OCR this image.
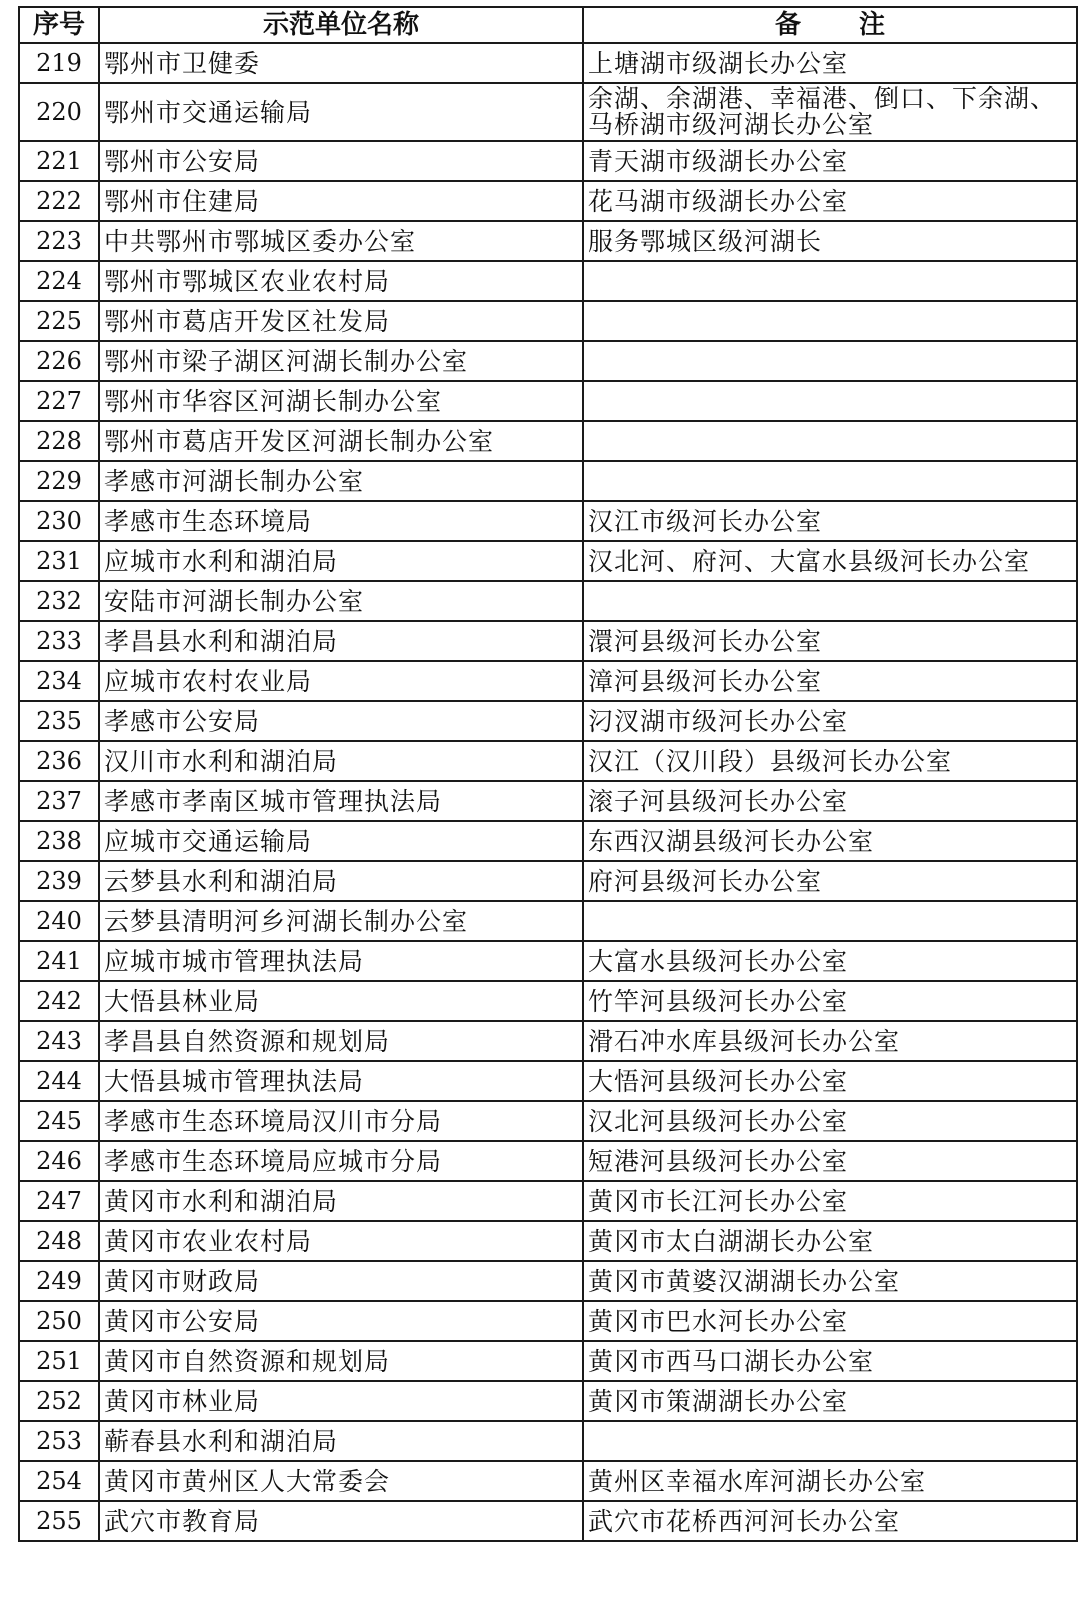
序号	示范单位名称	备 注
219	鄂州市卫健委	上塘湖市级湖长办公室
220	鄂州市交通运输局	余湖、余湖港、幸福港、倒口、下余湖、马桥湖市级河湖长办公室
221	鄂州市公安局	青天湖市级湖长办公室
222	鄂州市住建局	花马湖市级湖长办公室
223	中共鄂州市鄂城区委办公室	服务鄂城区级河湖长
224	鄂州市鄂城区农业农村局	
225	鄂州市葛店开发区社发局	
226	鄂州市梁子湖区河湖长制办公室	
227	鄂州市华容区河湖长制办公室	
228	鄂州市葛店开发区河湖长制办公室	
229	孝感市河湖长制办公室	
230	孝感市生态环境局	汉江市级河长办公室
231	应城市水利和湖泊局	汉北河、府河、大富水县级河长办公室
232	安陆市河湖长制办公室	
233	孝昌县水利和湖泊局	澴河县级河长办公室
234	应城市农村农业局	漳河县级河长办公室
235	孝感市公安局	汈汊湖市级河长办公室
236	汉川市水利和湖泊局	汉江（汉川段）县级河长办公室
237	孝感市孝南区城市管理执法局	滚子河县级河长办公室
238	应城市交通运输局	东西汉湖县级河长办公室
239	云梦县水利和湖泊局	府河县级河长办公室
240	云梦县清明河乡河湖长制办公室	
241	应城市城市管理执法局	大富水县级河长办公室
242	大悟县林业局	竹竿河县级河长办公室
243	孝昌县自然资源和规划局	滑石冲水库县级河长办公室
244	大悟县城市管理执法局	大悟河县级河长办公室
245	孝感市生态环境局汉川市分局	汉北河县级河长办公室
246	孝感市生态环境局应城市分局	短港河县级河长办公室
247	黄冈市水利和湖泊局	黄冈市长江河长办公室
248	黄冈市农业农村局	黄冈市太白湖湖长办公室
249	黄冈市财政局	黄冈市黄婆汉湖湖长办公室
250	黄冈市公安局	黄冈市巴水河长办公室
251	黄冈市自然资源和规划局	黄冈市西马口湖长办公室
252	黄冈市林业局	黄冈市策湖湖长办公室
253	蕲春县水利和湖泊局	
254	黄冈市黄州区人大常委会	黄州区幸福水库河湖长办公室
255	武穴市教育局	武穴市花桥西河河长办公室
